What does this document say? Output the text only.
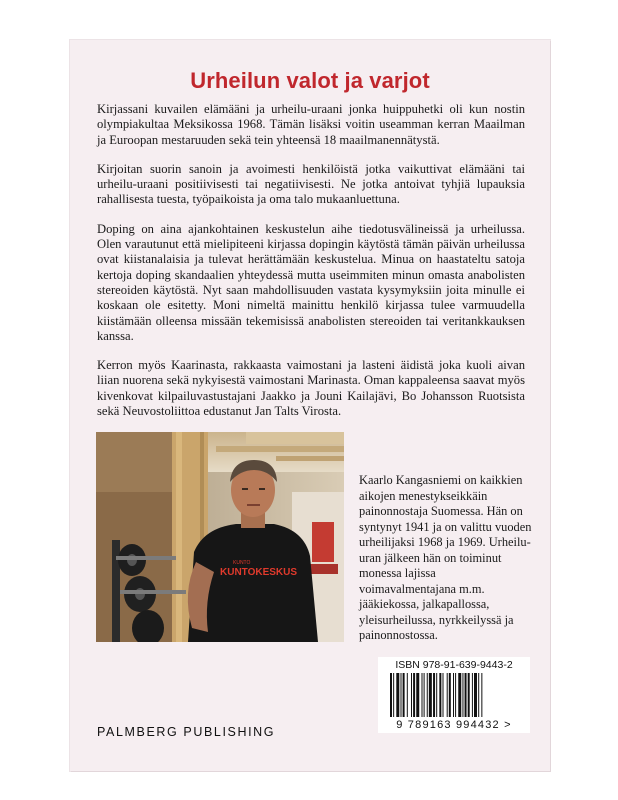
Urheilun valot ja varjot

Kirjassani kuvailen elämääni ja urheilu-uraani jonka huippuhetki oli kun nostin olympiakultaa Meksikossa 1968. Tämän lisäksi voitin useamman kerran Maailman ja Euroopan mestaruuden sekä tein yhteensä 18 maailmanennätystä.

Kirjoitan suorin sanoin ja avoimesti henkilöistä jotka vaikuttivat elämääni tai urheilu-uraani positiivisesti tai negatiivisesti. Ne jotka antoivat tyhjiä lupauksia rahallisesta tuesta, työpaikoista ja oma talo mukaanluettuna.

Doping on aina ajankohtainen keskustelun aihe tiedotusvälineissä ja urheilussa. Olen varautunut että mielipiteeni kirjassa dopingin käytöstä tämän päivän urheilussa ovat kiistanalaisia ja tulevat herättämään keskustelua. Minua on haastateltu satoja kertoja doping skandaalien yhteydessä mutta useimmiten minun omasta anabolisten stereoiden käytöstä. Nyt saan mahdollisuuden vastata kysymyksiin joita minulle ei koskaan ole esitetty. Moni nimeltä mainittu henkilö kirjassa tulee varmuudella kiistämään olleensa missään tekemisissä anabolisten stereoiden tai veritankkauksen kanssa.

Kerron myös Kaarinasta, rakkaasta vaimostani ja lasteni äidistä joka kuoli aivan liian nuorena sekä nykyisestä vaimostani Marinasta. Oman kappaleensa saavat myös kivenkovat kilpailuvastustajani Jaakko ja Jouni Kailajävi, Bo Johansson Ruotsista sekä Neuvostoliittoa edustanut Jan Talts Virosta.

KUNTO
KUNTOKESKUS
Kaarlo Kangasniemi on kaikkien aikojen menestykseikkäin painonnostaja Suomessa. Hän on syntynyt 1941 ja on valittu vuoden urheilijaksi 1968 ja 1969. Urheilu-uran jälkeen hän on toiminut monessa lajissa voimavalmentajana m.m. jääkiekossa, jalkapallossa, yleisurheilussa, nyrkkeilyssä ja painonnostossa.
ISBN 978-91-639-9443-2
9 789163 994432 >
PALMBERG PUBLISHING
